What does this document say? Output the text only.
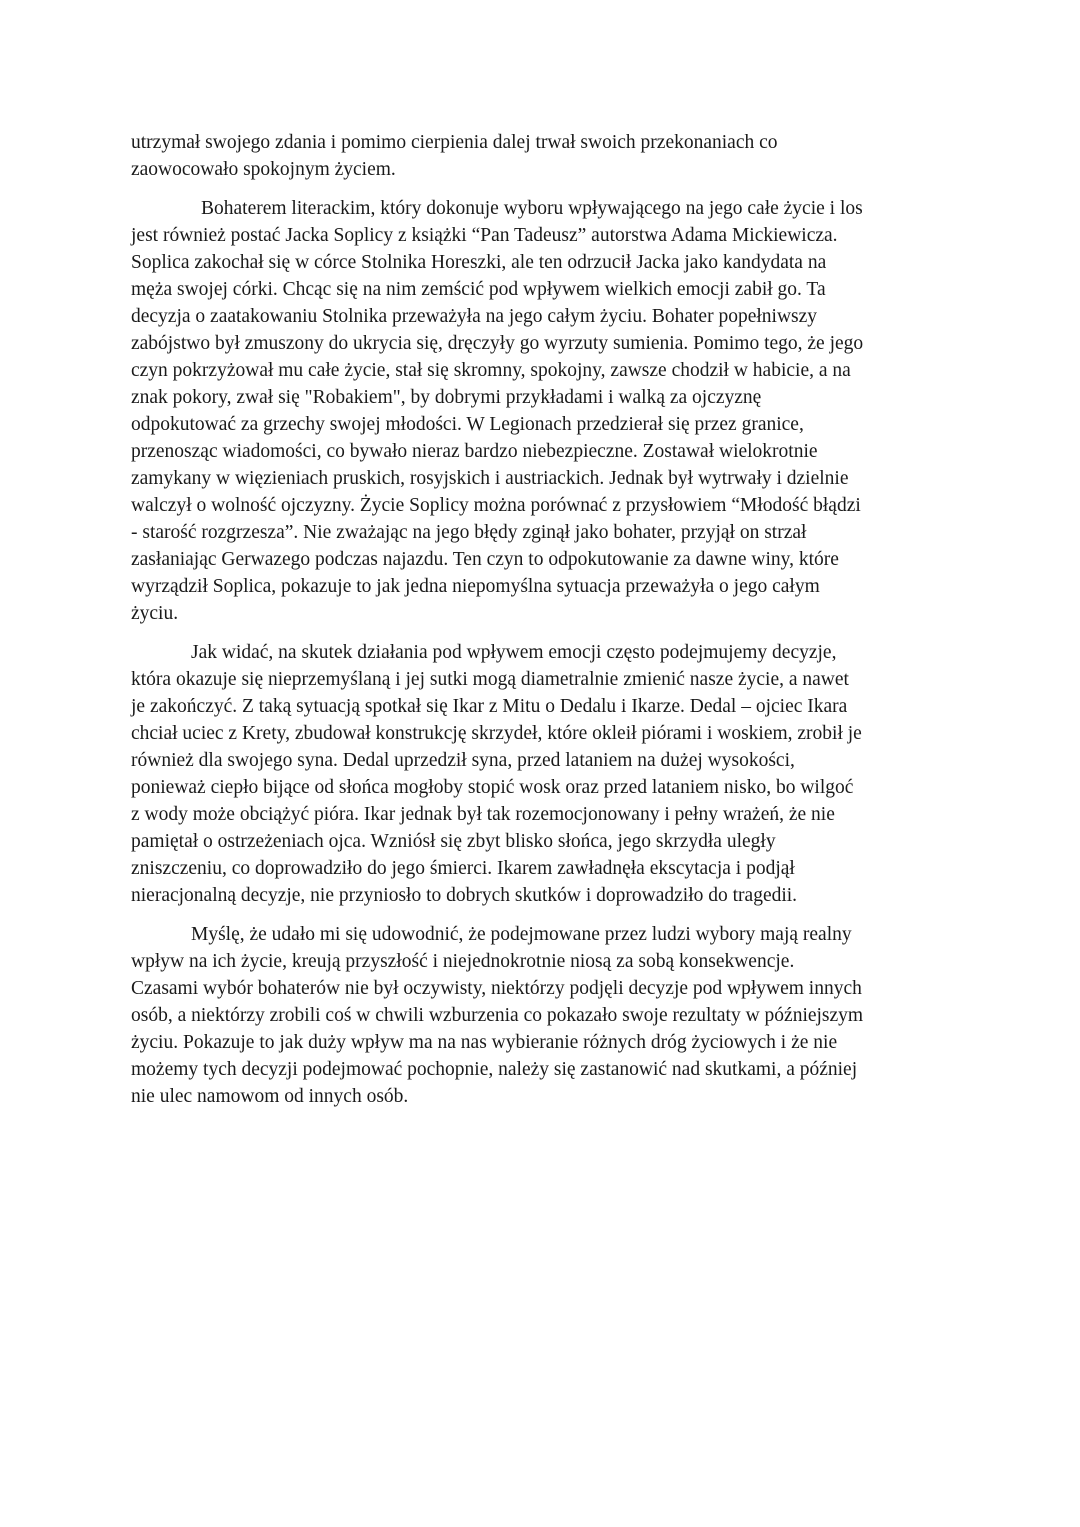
utrzymał swojego zdania i pomimo cierpienia dalej trwał swoich przekonaniach co
zaowocowało spokojnym życiem.

Bohaterem literackim, który dokonuje wyboru wpływającego na jego całe życie i los
jest również postać Jacka Soplicy z książki “Pan Tadeusz” autorstwa Adama Mickiewicza.
Soplica zakochał się w córce Stolnika Horeszki, ale ten odrzucił Jacka jako kandydata na
męża swojej córki. Chcąc się na nim zemścić pod wpływem wielkich emocji zabił go. Ta
decyzja o zaatakowaniu Stolnika przeważyła na jego całym życiu. Bohater popełniwszy
zabójstwo był zmuszony do ukrycia się, dręczyły go wyrzuty sumienia. Pomimo tego, że jego
czyn pokrzyżował mu całe życie, stał się skromny, spokojny, zawsze chodził w habicie, a na
znak pokory, zwał się "Robakiem", by dobrymi przykładami i walką za ojczyznę
odpokutować za grzechy swojej młodości. W Legionach przedzierał się przez granice,
przenosząc wiadomości, co bywało nieraz bardzo niebezpieczne. Zostawał wielokrotnie
zamykany w więzieniach pruskich, rosyjskich i austriackich. Jednak był wytrwały i dzielnie
walczył o wolność ojczyzny. Życie Soplicy można porównać z przysłowiem “Młodość błądzi
- starość rozgrzesza”. Nie zważając na jego błędy zginął jako bohater, przyjął on strzał
zasłaniając Gerwazego podczas najazdu. Ten czyn to odpokutowanie za dawne winy, które
wyrządził Soplica, pokazuje to jak jedna niepomyślna sytuacja przeważyła o jego całym
życiu.

Jak widać, na skutek działania pod wpływem emocji często podejmujemy decyzje,
która okazuje się nieprzemyślaną i jej sutki mogą diametralnie zmienić nasze życie, a nawet
je zakończyć. Z taką sytuacją spotkał się Ikar z Mitu o Dedalu i Ikarze. Dedal – ojciec Ikara
chciał uciec z Krety, zbudował konstrukcję skrzydeł, które okleił piórami i woskiem, zrobił je
również dla swojego syna. Dedal uprzedził syna, przed lataniem na dużej wysokości,
ponieważ ciepło bijące od słońca mogłoby stopić wosk oraz przed lataniem nisko, bo wilgoć
z wody może obciążyć pióra. Ikar jednak był tak rozemocjonowany i pełny wrażeń, że nie
pamiętał o ostrzeżeniach ojca. Wzniósł się zbyt blisko słońca, jego skrzydła uległy
zniszczeniu, co doprowadziło do jego śmierci. Ikarem zawładnęła ekscytacja i podjął
nieracjonalną decyzje, nie przyniosło to dobrych skutków i doprowadziło do tragedii.

Myślę, że udało mi się udowodnić, że podejmowane przez ludzi wybory mają realny
wpływ na ich życie, kreują przyszłość i niejednokrotnie niosą za sobą konsekwencje.
Czasami wybór bohaterów nie był oczywisty, niektórzy podjęli decyzje pod wpływem innych
osób, a niektórzy zrobili coś w chwili wzburzenia co pokazało swoje rezultaty w późniejszym
życiu. Pokazuje to jak duży wpływ ma na nas wybieranie różnych dróg życiowych i że nie
możemy tych decyzji podejmować pochopnie, należy się zastanowić nad skutkami, a później
nie ulec namowom od innych osób.
